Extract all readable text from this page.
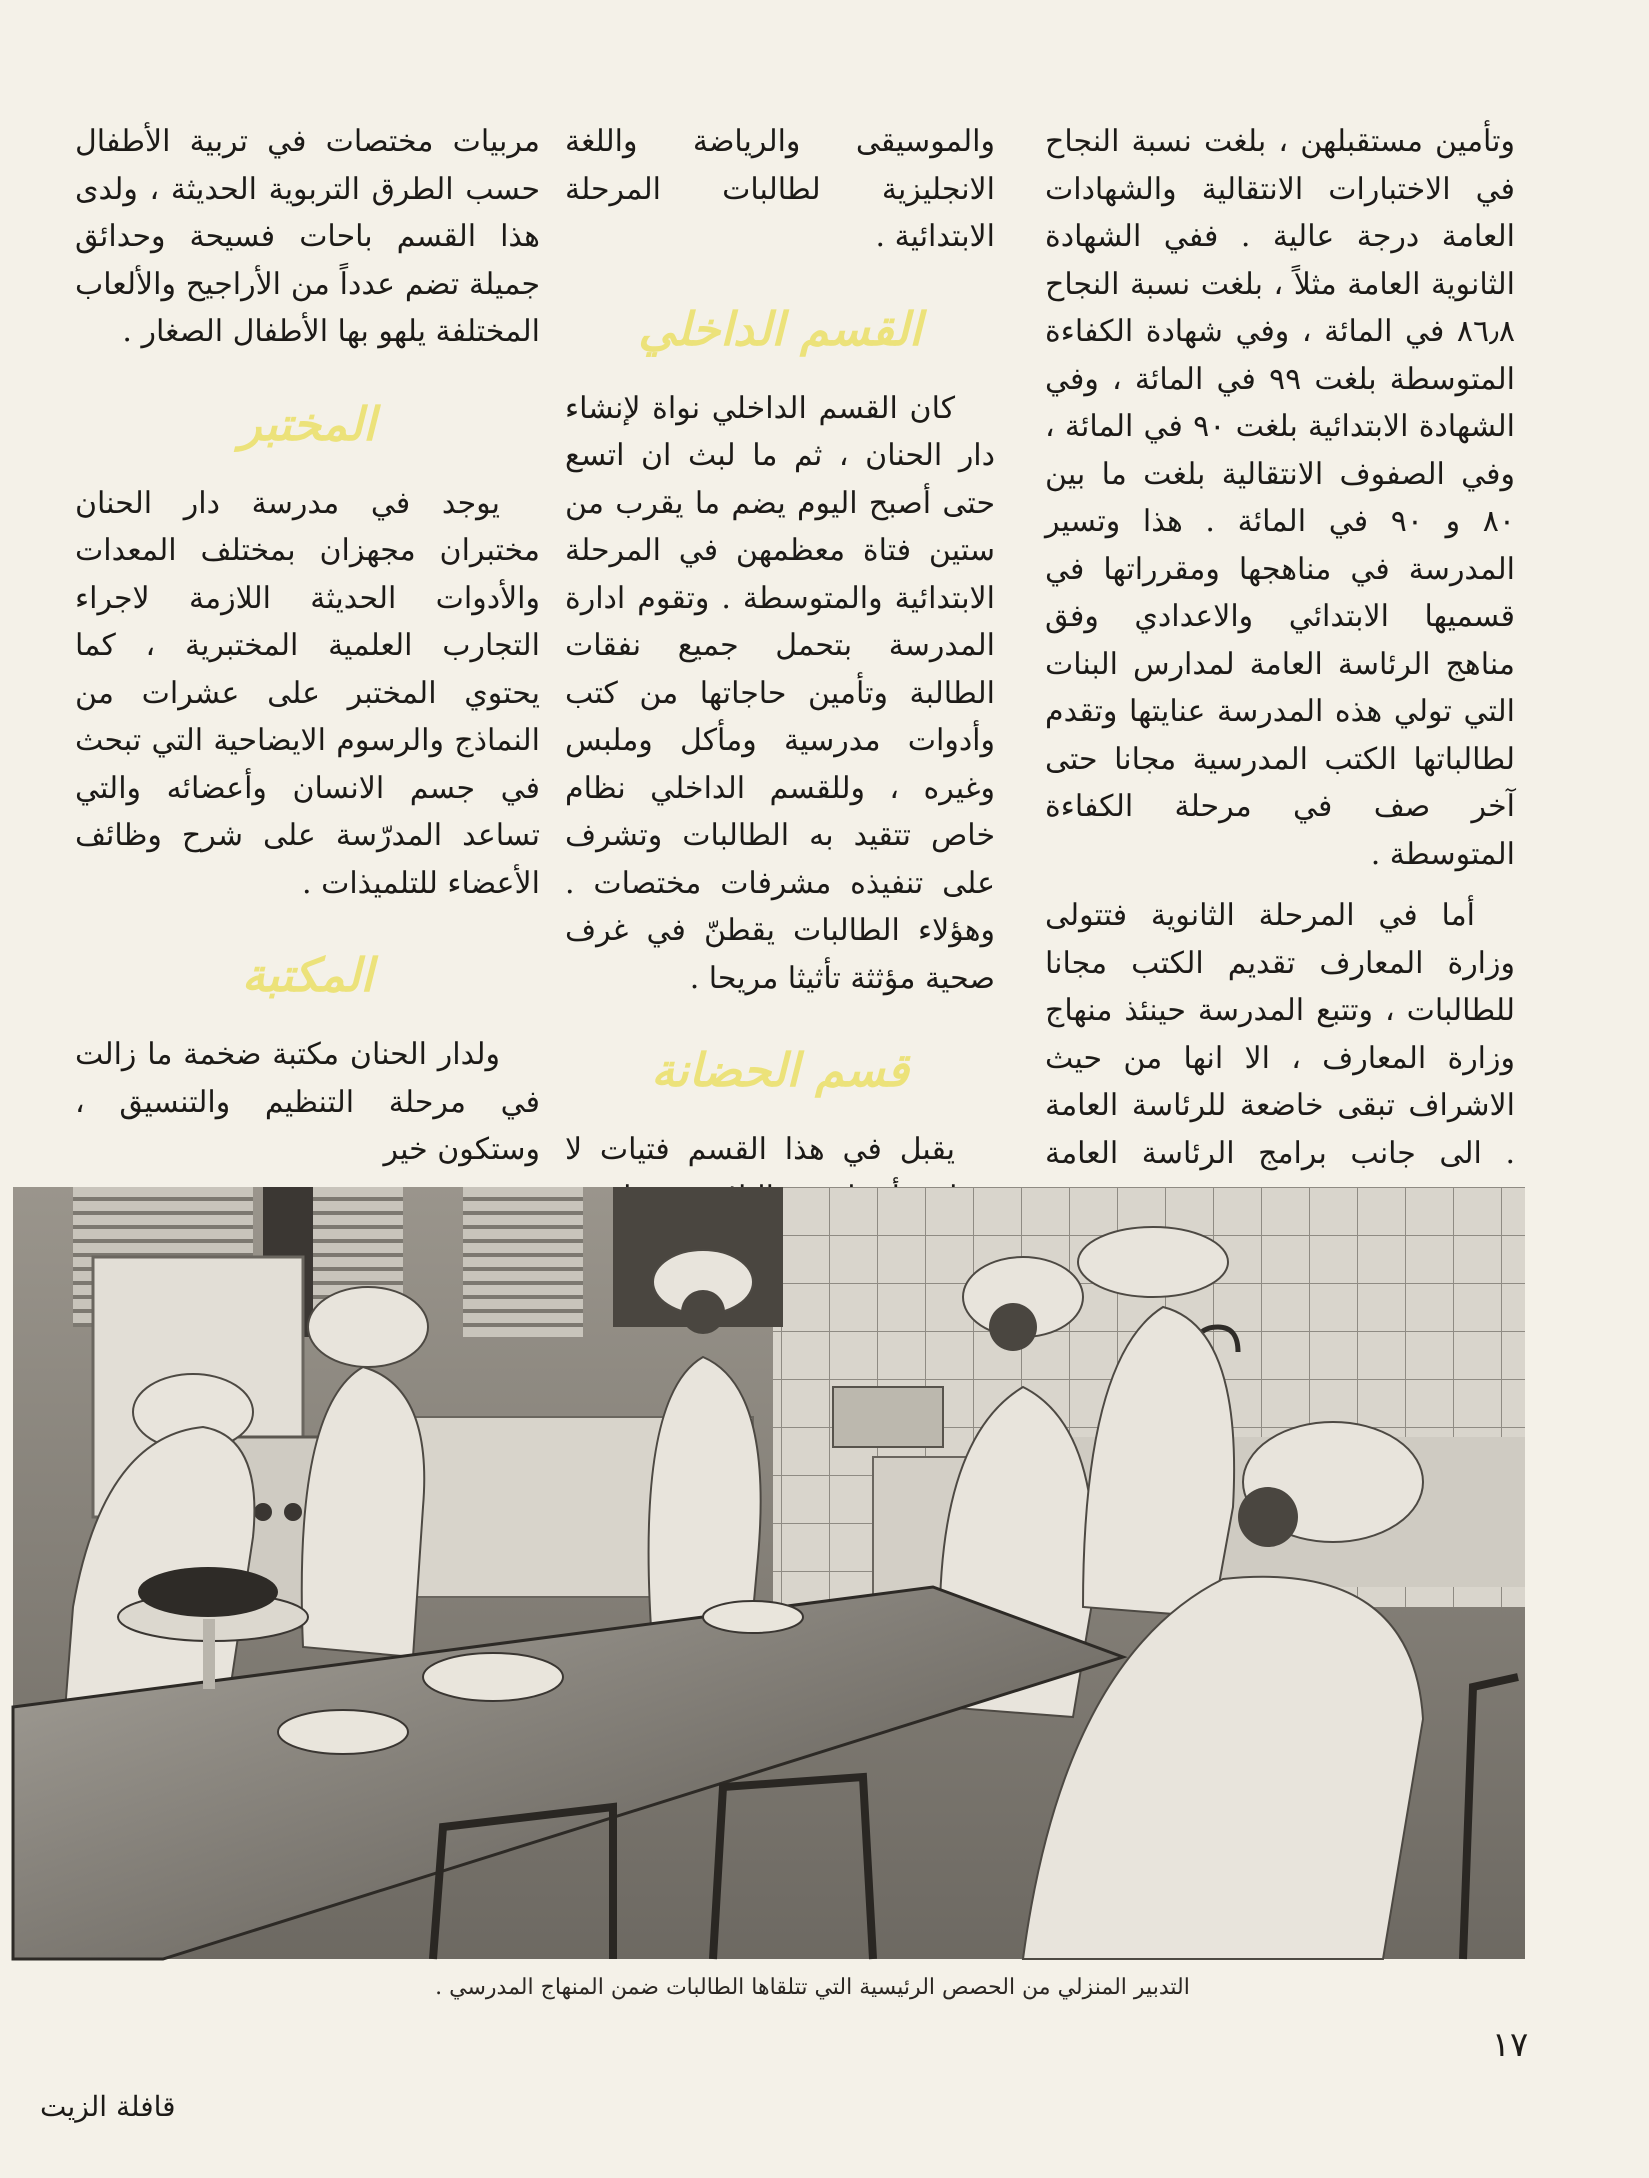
وتأمين مستقبلهن ، بلغت نسبة النجاح في الاختبارات الانتقالية والشهادات العامة درجة عالية . ففي الشهادة الثانوية العامة مثلاً ، بلغت نسبة النجاح ٨٦٫٨ في المائة ، وفي شهادة الكفاءة المتوسطة بلغت ٩٩ في المائة ، وفي الشهادة الابتدائية بلغت ٩٠ في المائة ، وفي الصفوف الانتقالية بلغت ما بين ٨٠ و ٩٠ في المائة . هذا وتسير المدرسة في مناهجها ومقرراتها في قسميها الابتدائي والاعدادي وفق مناهج الرئاسة العامة لمدارس البنات التي تولي هذه المدرسة عنايتها وتقدم لطالباتها الكتب المدرسية مجانا حتى آخر صف في مرحلة الكفاءة المتوسطة .

أما في المرحلة الثانوية فتتولى وزارة المعارف تقديم الكتب مجانا للطالبات ، وتتبع المدرسة حينئذ منهاج وزارة المعارف ، الا انها من حيث الاشراف تبقى خاضعة للرئاسة العامة . الى جانب برامج الرئاسة العامة

والموسيقى والرياضة واللغة الانجليزية لطالبات المرحلة الابتدائية .

القسم الداخلي

كان القسم الداخلي نواة لإنشاء دار الحنان ، ثم ما لبث ان اتسع حتى أصبح اليوم يضم ما يقرب من ستين فتاة معظمهن في المرحلة الابتدائية والمتوسطة . وتقوم ادارة المدرسة بتحمل جميع نفقات الطالبة وتأمين حاجاتها من كتب وأدوات مدرسية ومأكل وملبس وغيره ، وللقسم الداخلي نظام خاص تتقيد به الطالبات وتشرف على تنفيذه مشرفات مختصات . وهؤلاء الطالبات يقطنّ في غرف صحية مؤثثة تأثيثا مريحا .

قسم الحضانة

يقبل في هذا القسم فتيات لا

مربيات مختصات في تربية الأطفال حسب الطرق التربوية الحديثة ، ولدى هذا القسم باحات فسيحة وحدائق جميلة تضم عدداً من الأراجيح والألعاب المختلفة يلهو بها الأطفال الصغار .

المختبر

يوجد في مدرسة دار الحنان مختبران مجهزان بمختلف المعدات والأدوات الحديثة اللازمة لاجراء التجارب العلمية المختبرية ، كما يحتوي المختبر على عشرات من النماذج والرسوم الايضاحية التي تبحث في جسم الانسان وأعضائه والتي تساعد المدرّسة على شرح وظائف الأعضاء للتلميذات .

المكتبة

ولدار الحنان مكتبة ضخمة ما زالت في مرحلة التنظيم والتنسيق ، وستكون خير

التدبير المنزلي من الحصص الرئيسية التي تتلقاها الطالبات ضمن المنهاج المدرسي .
١٧
قافلة الزيت
